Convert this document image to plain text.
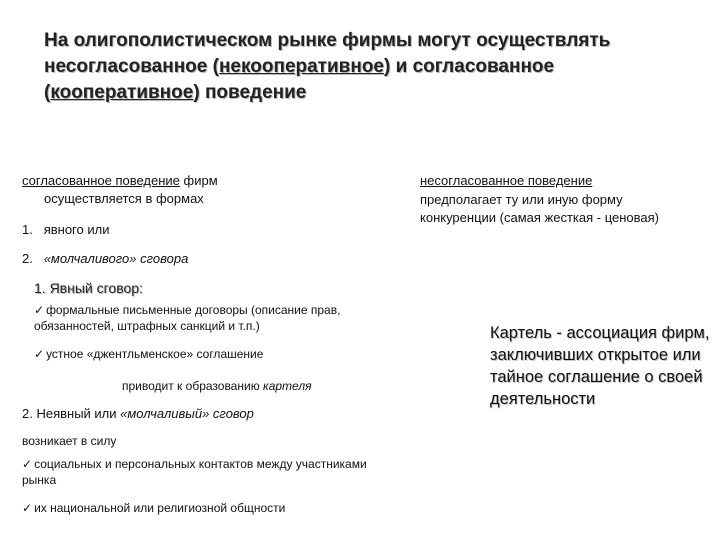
На олигополистическом рынке фирмы могут осуществлять несогласованное (некооперативное) и согласованное (кооперативное) поведение
согласованное поведение фирм
осуществляется в формах
1. явного или
2. «молчаливого» сговора
1. Явный сговор:
✓ формальные письменные договоры (описание прав, обязанностей, штрафных санкций и т.п.)
✓ устное «джентльменское» соглашение
приводит к образованию картеля
2. Неявный или «молчаливый» сговор
возникает в силу
✓ социальных и персональных контактов между участниками рынка
✓ их национальной или религиозной общности
несогласованное поведение
предполагает ту или иную форму конкуренции (самая жесткая - ценовая)
Картель - ассоциация фирм, заключивших открытое или тайное соглашение о своей деятельности
